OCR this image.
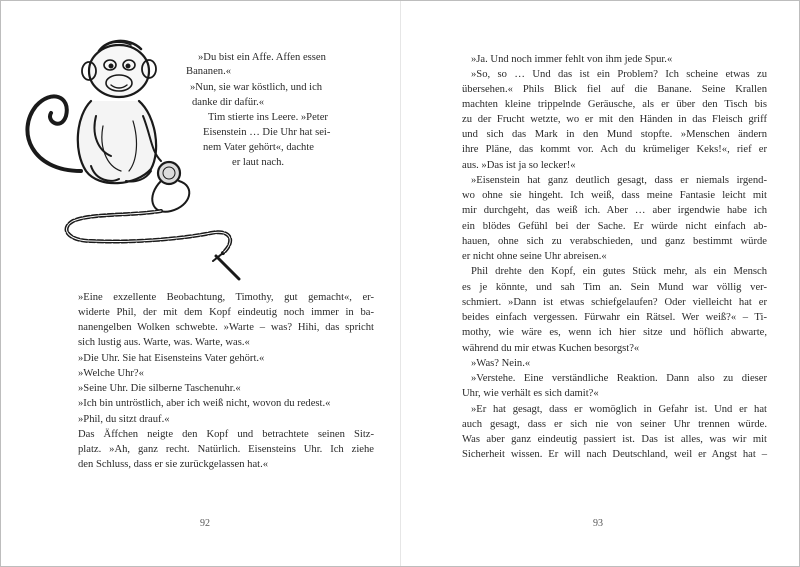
»Du bist ein Affe. Affen essen
Bananen.«
»Nun, sie war köstlich, und ich
danke dir dafür.«
Tim stierte ins Leere. »Peter
Eisenstein … Die Uhr hat sei-
nem Vater gehört«, dachte
er laut nach.
»Eine exzellente Beobachtung, Timothy, gut gemacht«, er-
widerte Phil, der mit dem Kopf eindeutig noch immer in ba-
nanengelben Wolken schwebte. »Warte – was? Hihi, das spricht
sich lustig aus. Warte, was. Warte, was.«
»Die Uhr. Sie hat Eisensteins Vater gehört.«
»Welche Uhr?«
»Seine Uhr. Die silberne Taschenuhr.«
»Ich bin untröstlich, aber ich weiß nicht, wovon du redest.«
»Phil, du sitzt drauf.«
Das Äffchen neigte den Kopf und betrachtete seinen Sitz-
platz. »Ah, ganz recht. Natürlich. Eisensteins Uhr. Ich ziehe
den Schluss, dass er sie zurückgelassen hat.«
92
»Ja. Und noch immer fehlt von ihm jede Spur.«
»So, so … Und das ist ein Problem? Ich scheine etwas zu
übersehen.« Phils Blick fiel auf die Banane. Seine Krallen
machten kleine trippelnde Geräusche, als er über den Tisch bis
zu der Frucht wetzte, wo er mit den Händen in das Fleisch griff
und sich das Mark in den Mund stopfte. »Menschen ändern
ihre Pläne, das kommt vor. Ach du krümeliger Keks!«, rief er
aus. »Das ist ja so lecker!«
»Eisenstein hat ganz deutlich gesagt, dass er niemals irgend-
wo ohne sie hingeht. Ich weiß, dass meine Fantasie leicht mit
mir durchgeht, das weiß ich. Aber … aber irgendwie habe ich
ein blödes Gefühl bei der Sache. Er würde nicht einfach ab-
hauen, ohne sich zu verabschieden, und ganz bestimmt würde
er nicht ohne seine Uhr abreisen.«
Phil drehte den Kopf, ein gutes Stück mehr, als ein Mensch
es je könnte, und sah Tim an. Sein Mund war völlig ver-
schmiert. »Dann ist etwas schiefgelaufen? Oder vielleicht hat er
beides einfach vergessen. Fürwahr ein Rätsel. Wer weiß?« – Ti-
mothy, wie wäre es, wenn ich hier sitze und höflich abwarte,
während du mir etwas Kuchen besorgst?«
»Was? Nein.«
»Verstehe. Eine verständliche Reaktion. Dann also zu dieser
Uhr, wie verhält es sich damit?«
»Er hat gesagt, dass er womöglich in Gefahr ist. Und er hat
auch gesagt, dass er sich nie von seiner Uhr trennen würde.
Was aber ganz eindeutig passiert ist. Das ist alles, was wir mit
Sicherheit wissen. Er will nach Deutschland, weil er Angst hat –
93
